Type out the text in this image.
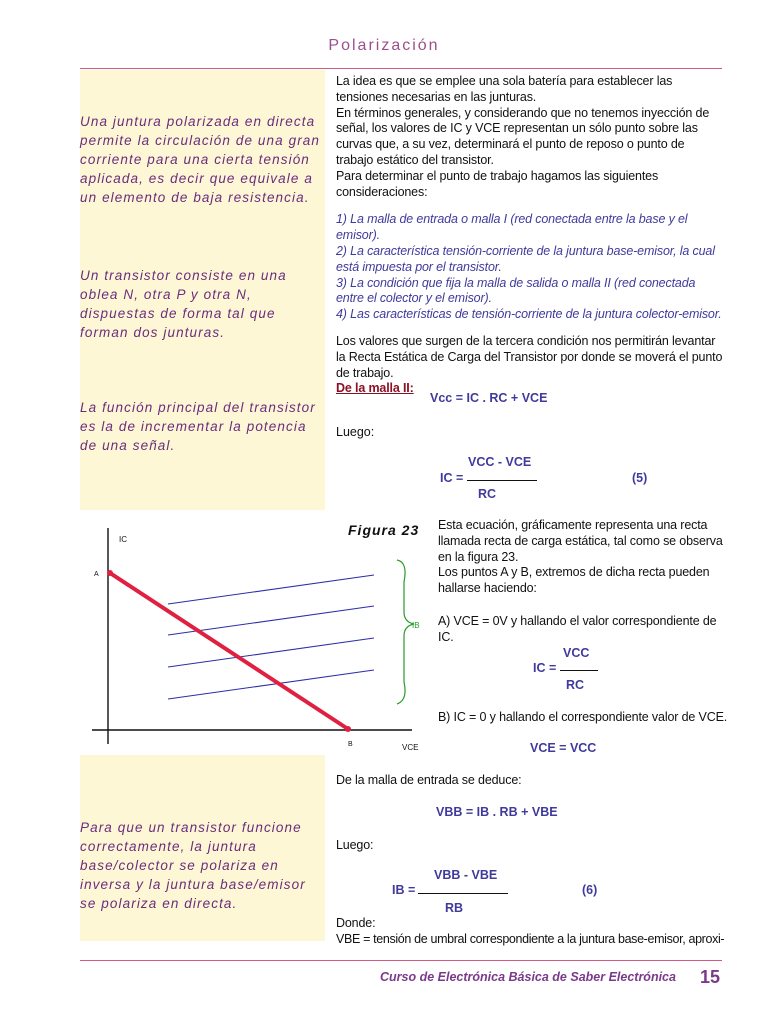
Polarización
Una juntura polarizada en directa permite la circulación de una gran corriente para una cierta tensión aplicada, es decir que equivale a un elemento de baja resistencia.
Un transistor consiste en una oblea N, otra P y otra N, dispuestas de forma tal que forman dos junturas.
La función principal del transistor es la de incrementar la potencia de una señal.
Para que un transistor funcione correctamente, la juntura base/colector se polariza en inversa y la juntura base/emisor se polariza en directa.

La idea es que se emplee una sola batería para establecer las tensiones necesarias en las junturas.

En términos generales, y considerando que no tenemos inyección de señal, los valores de IC y VCE representan un sólo punto sobre las curvas que, a su vez, determinará el punto de reposo o punto de trabajo estático del transistor.

Para determinar el punto de trabajo hagamos las siguientes consideraciones:

1) La malla de entrada o malla I (red conectada entre la base y el emisor).

2) La característica tensión-corriente de la juntura base-emisor, la cual está impuesta por el transistor.

3) La condición que fija la malla de salida o malla II (red conectada entre el colector y el emisor).

4) Las características de tensión-corriente de la juntura colector-emisor.

Los valores que surgen de la tercera condición nos permitirán levantar la Recta Estática de Carga del Transistor por donde se moverá el punto de trabajo.

De la malla II:

Vcc = IC . RC + VCE
Luego:
VCC - VCE
IC =
RC
(5)
Figura 23
IC
A
B	VCE
IB

Esta ecuación, gráficamente representa una recta llamada recta de carga estática, tal como se observa en la figura 23.

Los puntos A y B, extremos de dicha recta pueden hallarse haciendo:

A) VCE = 0V y hallando el valor correspondiente de IC.
VCC
IC =
RC
B) IC = 0 y hallando el correspondiente valor de VCE.
VCE = VCC
De la malla de entrada se deduce:
VBB = IB . RB + VBE
Luego:
VBB - VBE
IB =
RB
(6)
Donde:
VBE = tensión de umbral correspondiente a la juntura base-emisor, aproxi-
Curso de Electrónica Básica de Saber Electrónica 15
